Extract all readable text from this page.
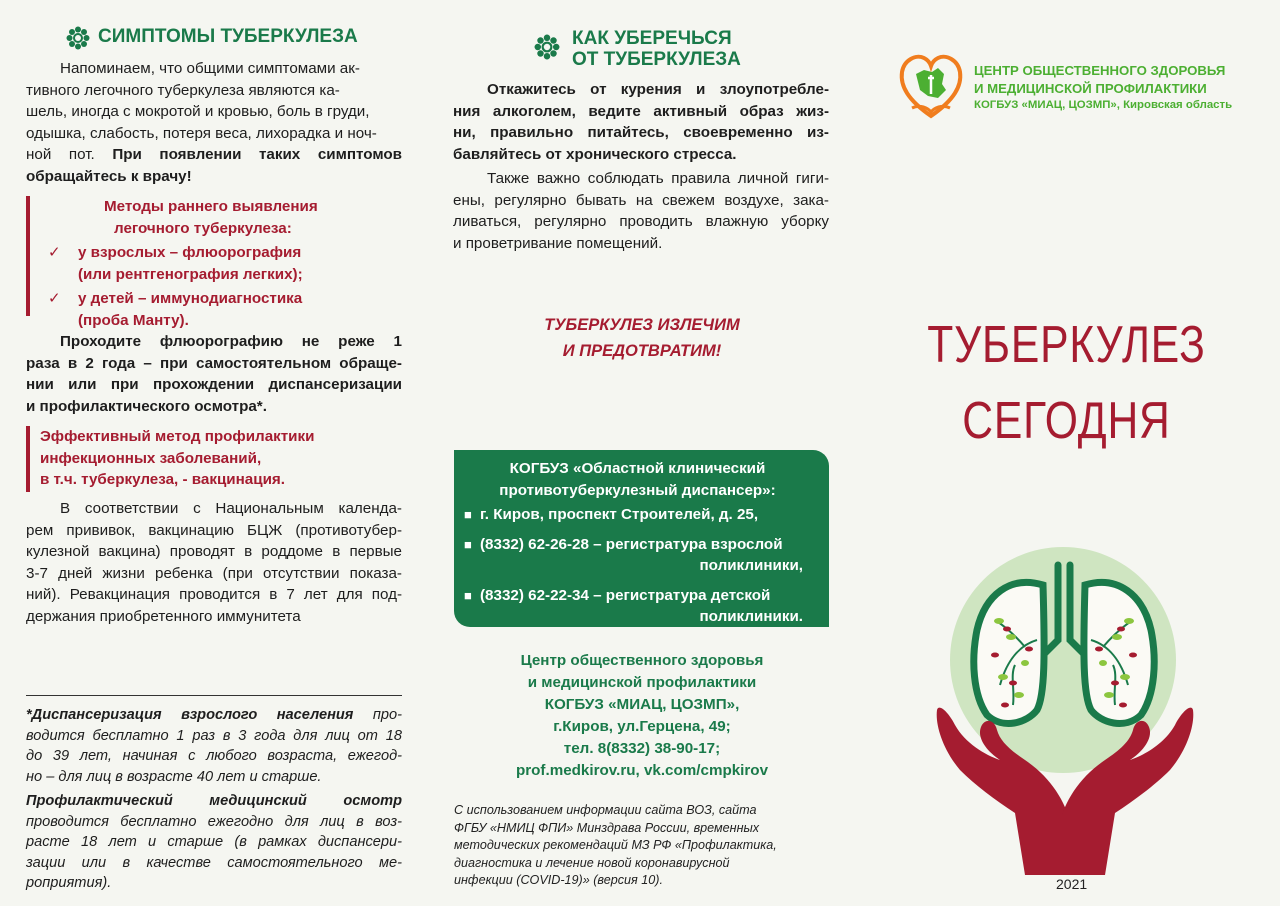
СИМПТОМЫ ТУБЕРКУЛЕЗА

Напоминаем, что общими симптомами ак-

тивного легочного туберкулеза являются ка-

шель, иногда с мокротой и кровью, боль в груди,

одышка, слабость, потеря веса, лихорадка и ноч-

ной пот. При появлении таких симптомов

обращайтесь к врачу!

Методы раннего выявления

легочного туберкулеза:

✓ у взрослых – флюорография
(или рентгенография легких);
✓ у детей – иммунодиагностика
(проба Манту).

Проходите флюорографию не реже 1

раза в 2 года – при самостоятельном обраще-

нии или при прохождении диспансеризации

и профилактического осмотра*.

Эффективный метод профилактики

инфекционных заболеваний,

в т.ч. туберкулеза, - вакцинация.

В соответствии с Национальным календа-

рем прививок, вакцинацию БЦЖ (противотубер-

кулезной вакцина) проводят в роддоме в первые

3-7 дней жизни ребенка (при отсутствии показа-

ний). Ревакцинация проводится в 7 лет для под-

держания приобретенного иммунитета

*Диспансеризация взрослого населения про-

водится бесплатно 1 раз в 3 года для лиц от 18

до 39 лет, начиная с любого возраста, ежегод-

но – для лиц в возрасте 40 лет и старше.

Профилактический медицинский осмотр

проводится бесплатно ежегодно для лиц в воз-

расте 18 лет и старше (в рамках диспансери-

зации или в качестве самостоятельного ме-

роприятия).

КАК УБЕРЕЧЬСЯ
ОТ ТУБЕРКУЛЕЗА

Откажитесь от курения и злоупотребле-

ния алкоголем, ведите активный образ жиз-

ни, правильно питайтесь, своевременно из-

бавляйтесь от хронического стресса.

Также важно соблюдать правила личной гиги-

ены, регулярно бывать на свежем воздухе, зака-

ливаться, регулярно проводить влажную уборку

и проветривание помещений.

ТУБЕРКУЛЕЗ ИЗЛЕЧИМ

И ПРЕДОТВРАТИМ!

КОГБУЗ «Областной клинический
противотуберкулезный диспансер»:
■ г. Киров, проспект Строителей, д. 25,
■ (8332) 62-26-28 – регистратура взрослой
поликлиники,
■ (8332) 62-22-34 – регистратура детской
поликлиники.

Центр общественного здоровья

и медицинской профилактики

КОГБУЗ «МИАЦ, ЦОЗМП»,

г.Киров, ул.Герцена, 49;

тел. 8(8332) 38-90-17;

prof.medkirov.ru, vk.com/cmpkirov

С использованием информации сайта ВОЗ, сайта

ФГБУ «НМИЦ ФПИ» Минздрава России, временных

методических рекомендаций МЗ РФ «Профилактика,

диагностика и лечение новой коронавирусной

инфекции (COVID-19)» (версия 10).

ЦЕНТР ОБЩЕСТВЕННОГО ЗДОРОВЬЯ
И МЕДИЦИНСКОЙ ПРОФИЛАКТИКИ
КОГБУЗ «МИАЦ, ЦОЗМП», Кировская область
ТУБЕРКУЛЕЗ
СЕГОДНЯ
2021
